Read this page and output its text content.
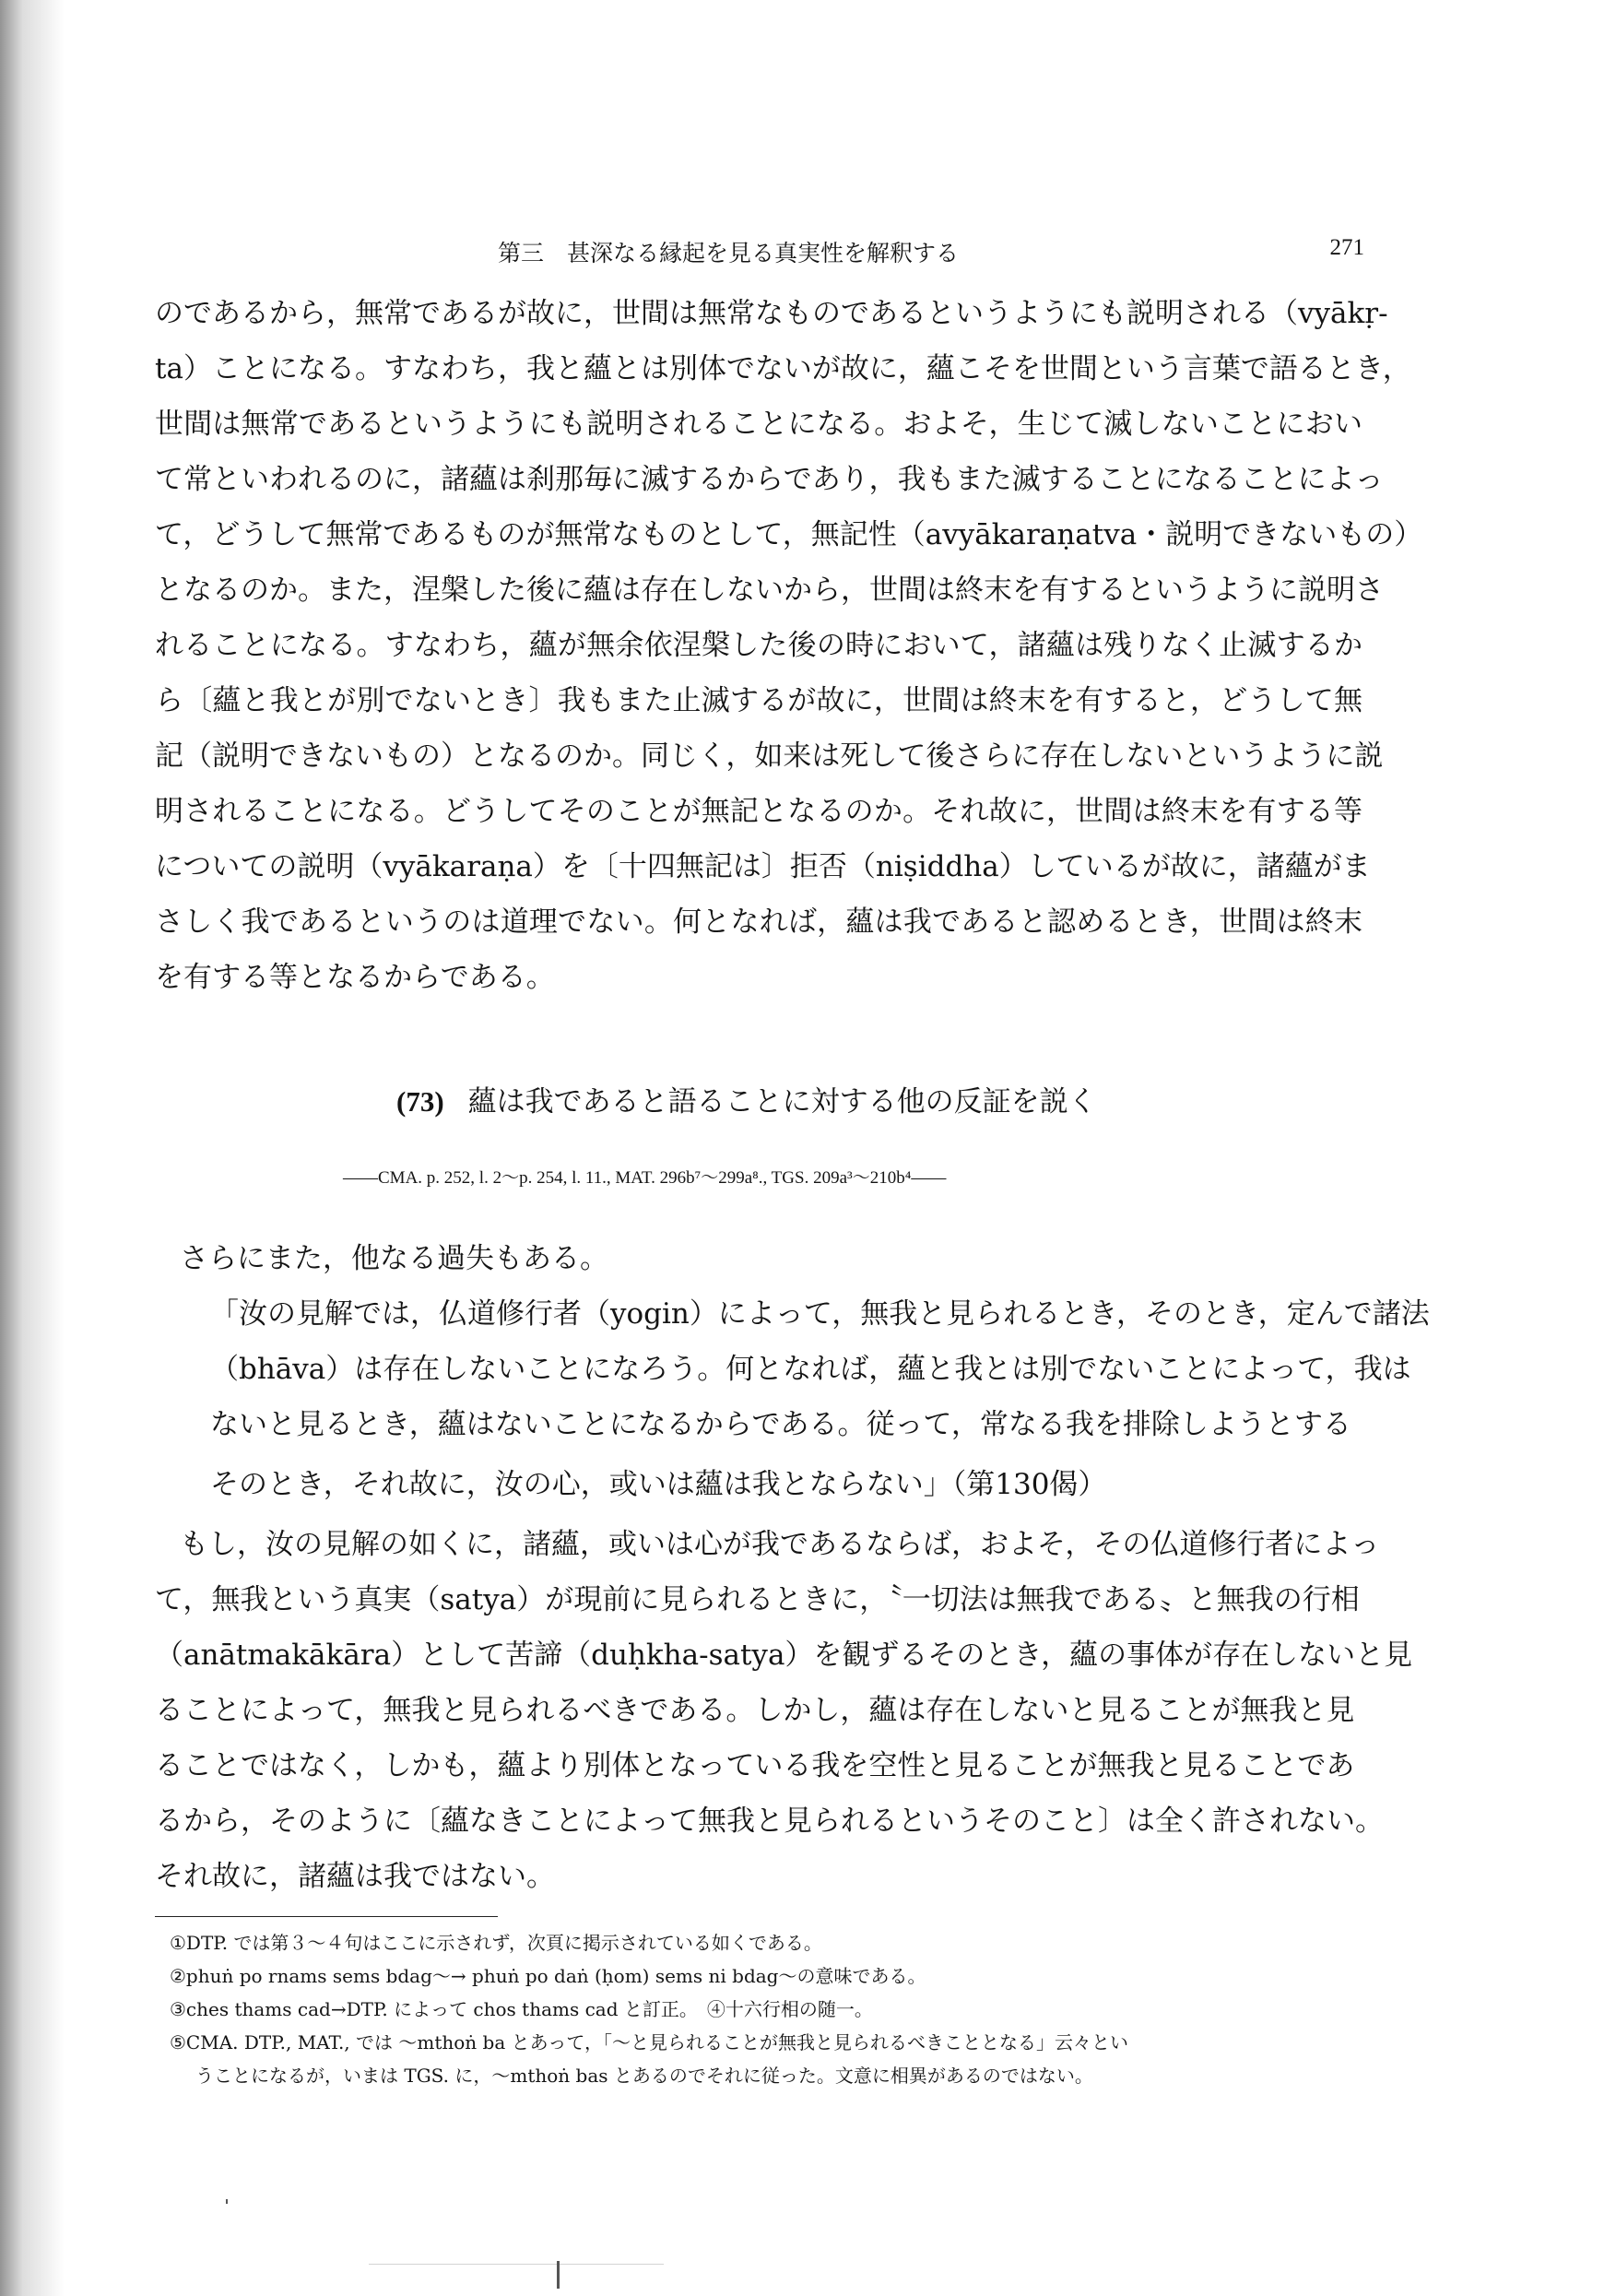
第三　甚深なる縁起を見る真実性を解釈する	271
のであるから，無常であるが故に，世間は無常なものであるというようにも説明される（vyākṛ-
ta）ことになる。すなわち，我と蘊とは別体でないが故に，蘊こそを世間という言葉で語るとき，
世間は無常であるというようにも説明されることになる。およそ，生じて滅しないことにおい
て常といわれるのに，諸蘊は刹那毎に滅するからであり，我もまた滅することになることによっ
て，どうして無常であるものが無常なものとして，無記性（avyākaraṇatva・説明できないもの）
となるのか。また，涅槃した後に蘊は存在しないから，世間は終末を有するというように説明さ
れることになる。すなわち，蘊が無余依涅槃した後の時において，諸蘊は残りなく止滅するか
ら〔蘊と我とが別でないとき〕我もまた止滅するが故に，世間は終末を有すると，どうして無
記（説明できないもの）となるのか。同じく，如来は死して後さらに存在しないというように説
明されることになる。どうしてそのことが無記となるのか。それ故に，世間は終末を有する等
についての説明（vyākaraṇa）を〔十四無記は〕拒否（niṣiddha）しているが故に，諸蘊がま
さしく我であるというのは道理でない。何となれば，蘊は我であると認めるとき，世間は終末
を有する等となるからである。
(73) 蘊は我であると語ることに対する他の反証を説く
——CMA. p. 252, l. 2～p. 254, l. 11., MAT. 296b⁷～299a⁸., TGS. 209a³～210b⁴——
さらにまた，他なる過失もある。
「汝の見解では，仏道修行者（yogin）によって，無我と見られるとき，そのとき，定んで諸法
（bhāva）は存在しないことになろう。何となれば，蘊と我とは別でないことによって，我は
ないと見るとき，蘊はないことになるからである。従って，常なる我を排除しようとする
そのとき，それ故に，汝の心，或いは蘊は我とならない」（第130偈）
もし，汝の見解の如くに，諸蘊，或いは心が我であるならば，およそ，その仏道修行者によっ
て，無我という真実（satya）が現前に見られるときに，〝一切法は無我である〟と無我の行相
（anātmakākāra）として苦諦（duḥkha-satya）を観ずるそのとき，蘊の事体が存在しないと見
ることによって，無我と見られるべきである。しかし，蘊は存在しないと見ることが無我と見
ることではなく，しかも，蘊より別体となっている我を空性と見ることが無我と見ることであ
るから，そのように〔蘊なきことによって無我と見られるというそのこと〕は全く許されない。
それ故に，諸蘊は我ではない。
①DTP. では第３～４句はここに示されず，次頁に掲示されている如くである。
②phuṅ po rnams sems bdag～→ phuṅ po daṅ (ḥom) sems ni bdag～の意味である。
③ches thams cad→DTP. によって chos thams cad と訂正。　④十六行相の随一。
⑤CMA. DTP., MAT., では ～mthoṅ ba とあって，「～と見られることが無我と見られるべきこととなる」云々とい
うことになるが，いまは TGS. に，～mthoṅ bas とあるのでそれに従った。文意に相異があるのではない。
